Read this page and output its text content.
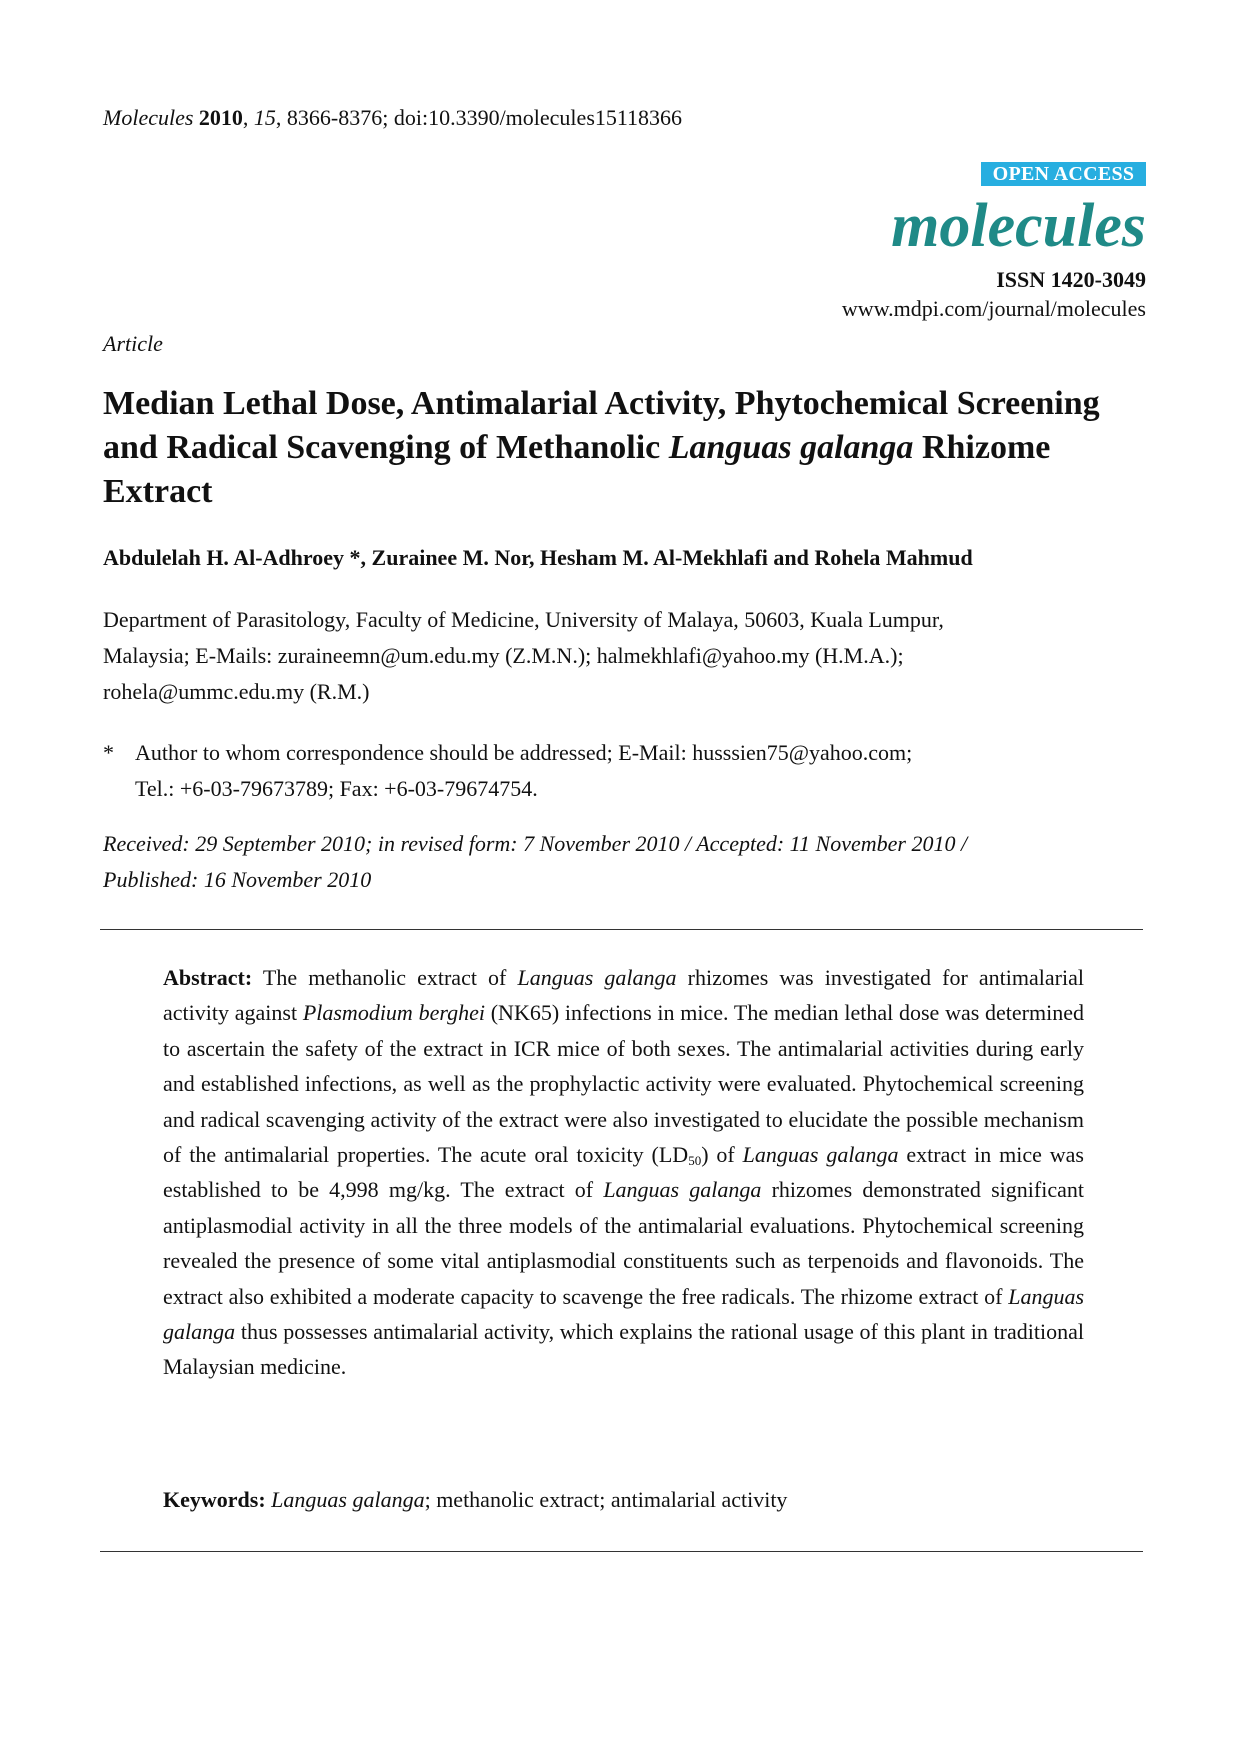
Molecules 2010, 15, 8366-8376; doi:10.3390/molecules15118366
OPEN ACCESS
molecules
ISSN 1420-3049
www.mdpi.com/journal/molecules
Article
Median Lethal Dose, Antimalarial Activity, Phytochemical Screening and Radical Scavenging of Methanolic Languas galanga Rhizome Extract
Abdulelah H. Al-Adhroey *, Zurainee M. Nor, Hesham M. Al-Mekhlafi and Rohela Mahmud
Department of Parasitology, Faculty of Medicine, University of Malaya, 50603, Kuala Lumpur,
Malaysia; E-Mails: zuraineemn@um.edu.my (Z.M.N.); halmekhlafi@yahoo.my (H.M.A.);
rohela@ummc.edu.my (R.M.)
* Author to whom correspondence should be addressed; E-Mail: husssien75@yahoo.com;
Tel.: +6-03-79673789; Fax: +6-03-79674754.
Received: 29 September 2010; in revised form: 7 November 2010 / Accepted: 11 November 2010 /
Published: 16 November 2010

Abstract: The methanolic extract of Languas galanga rhizomes was investigated for antimalarial activity against Plasmodium berghei (NK65) infections in mice. The median lethal dose was determined to ascertain the safety of the extract in ICR mice of both sexes. The antimalarial activities during early and established infections, as well as the prophylactic activity were evaluated. Phytochemical screening and radical scavenging activity of the extract were also investigated to elucidate the possible mechanism of the antimalarial properties. The acute oral toxicity $(LD_{50})$ of Languas galanga extract in mice was established to be 4,998 mg/kg. The extract of Languas galanga rhizomes demonstrated significant antiplasmodial activity in all the three models of the antimalarial evaluations. Phytochemical screening revealed the presence of some vital antiplasmodial constituents such as terpenoids and flavonoids. The extract also exhibited a moderate capacity to scavenge the free radicals. The rhizome extract of Languas galanga thus possesses antimalarial activity, which explains the rational usage of this plant in traditional Malaysian medicine.

Keywords: Languas galanga; methanolic extract; antimalarial activity
